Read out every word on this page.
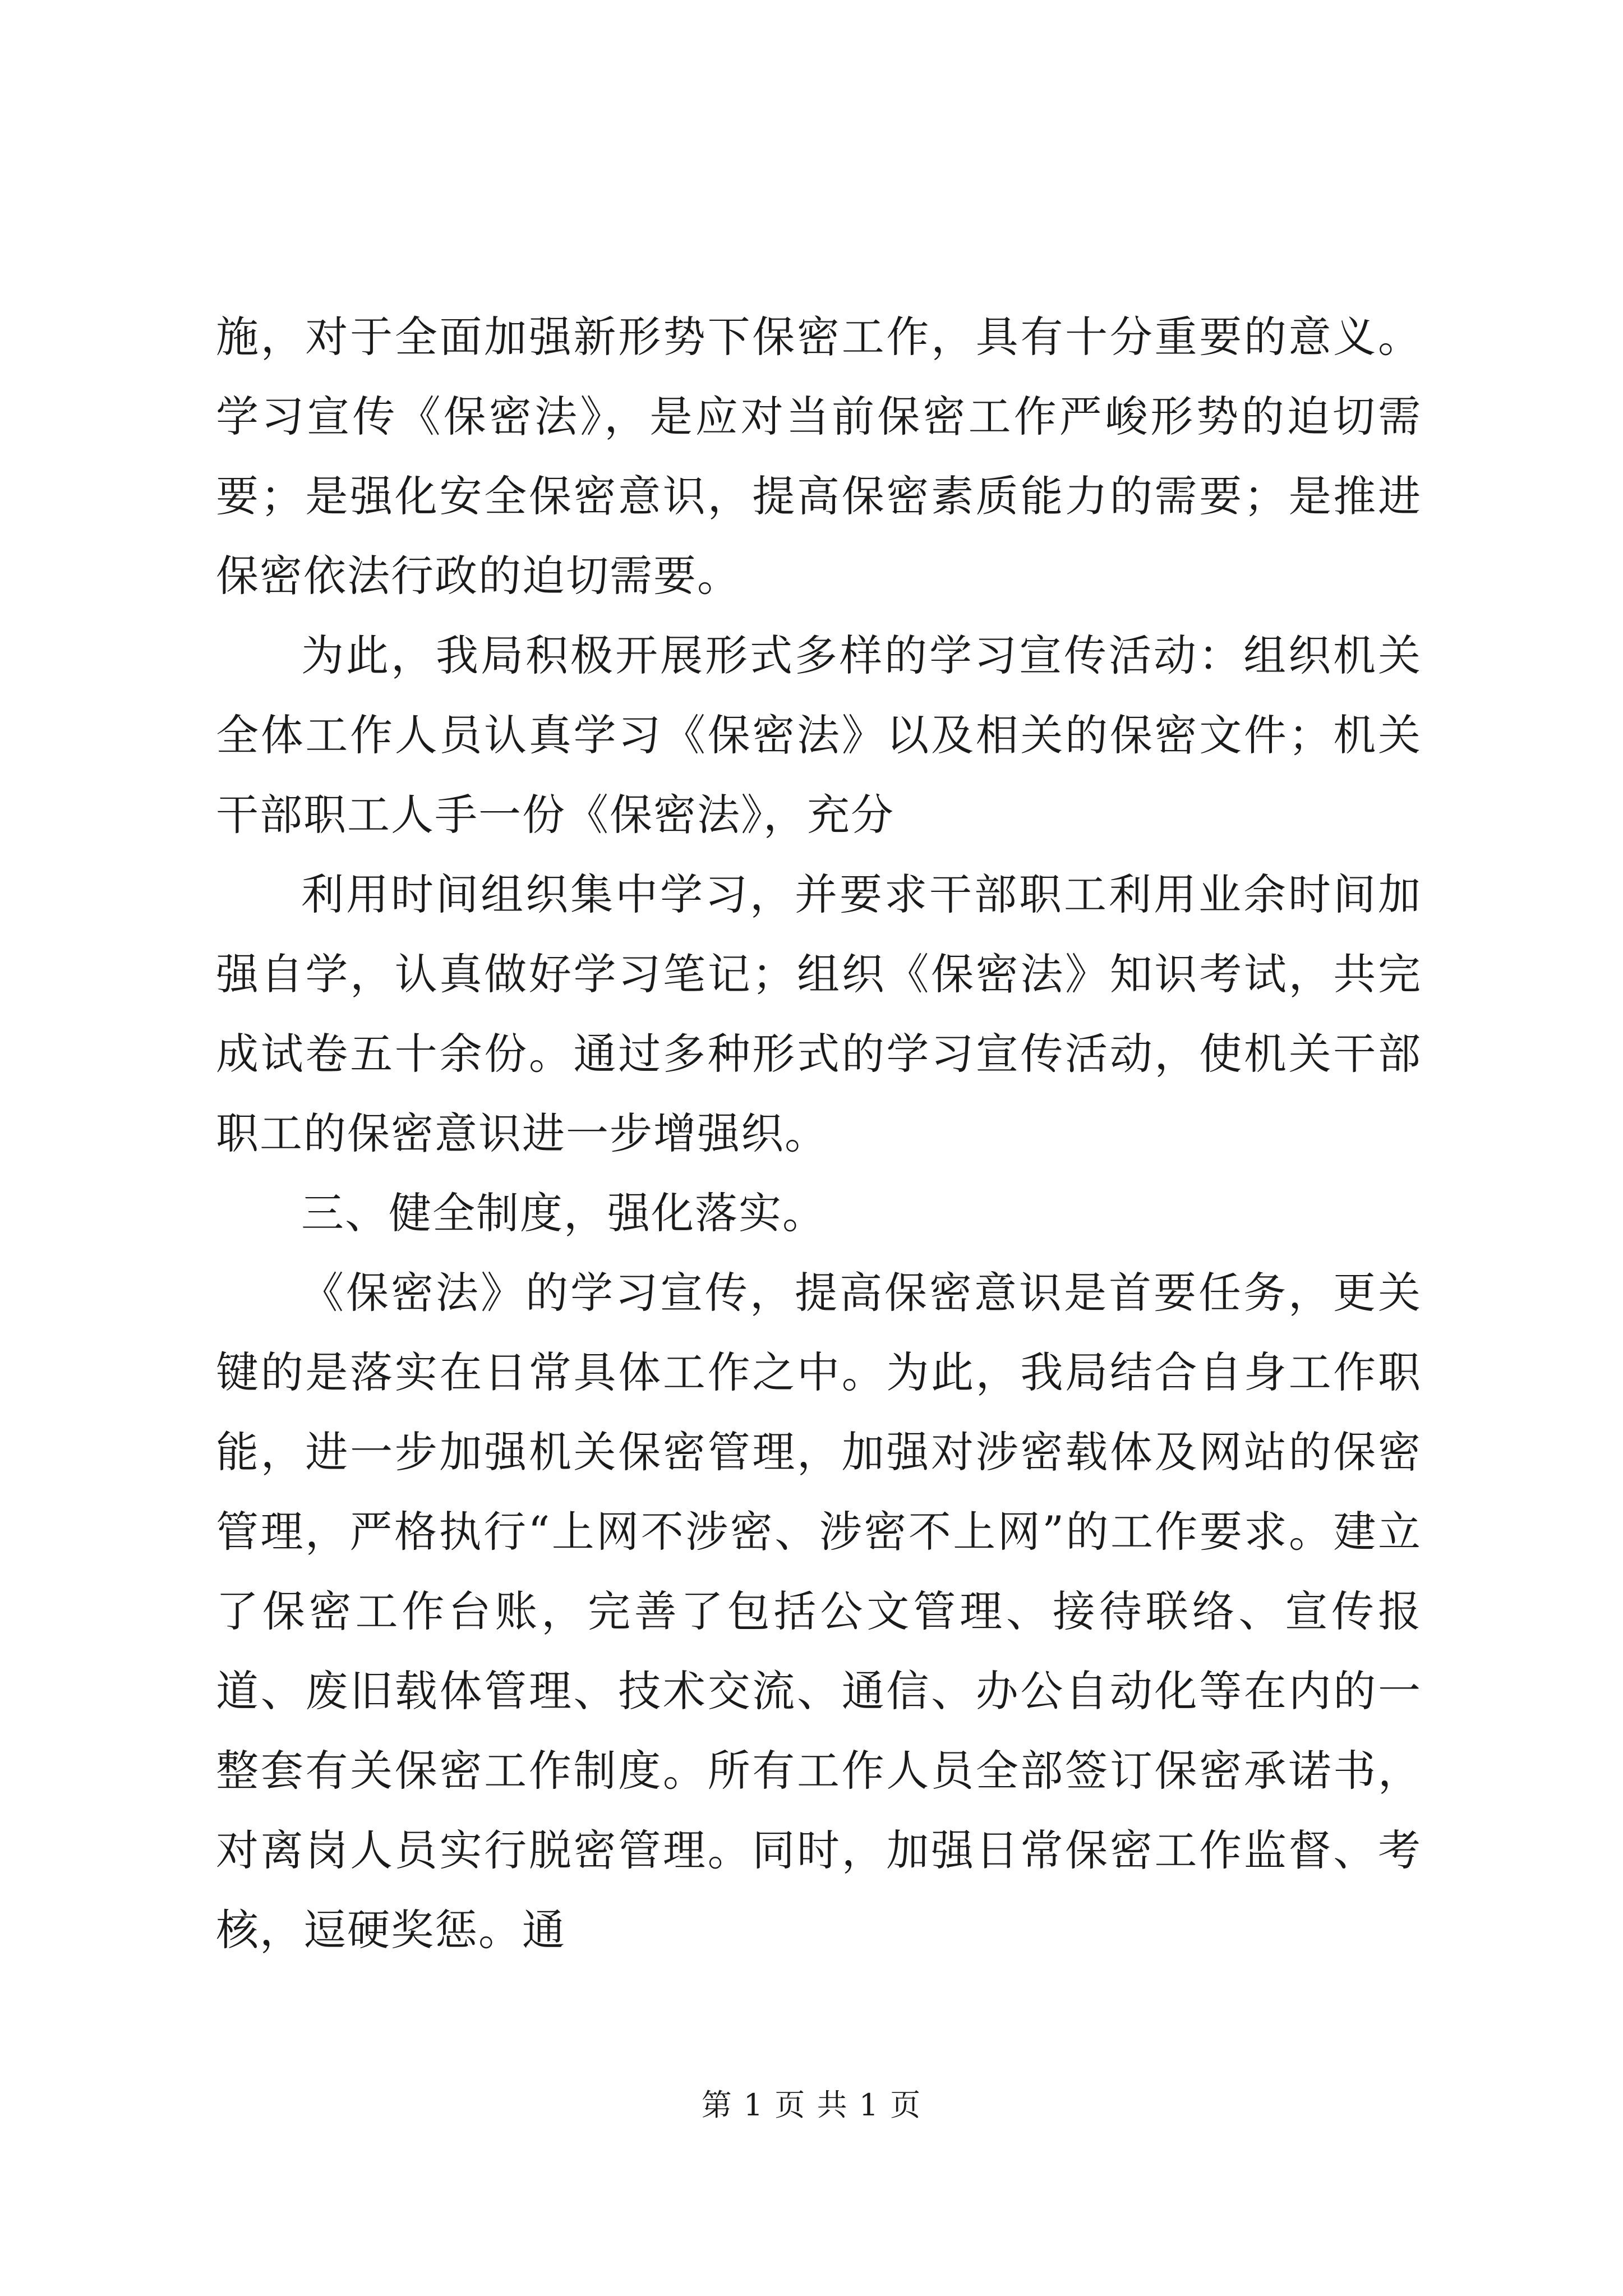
施，对于全面加强新形势下保密工作，具有十分重要的意义。学习宣传《保密法》，是应对当前保密工作严峻形势的迫切需要；是强化安全保密意识，提高保密素质能力的需要；是推进保密依法行政的迫切需要。

为此，我局积极开展形式多样的学习宣传活动：组织机关全体工作人员认真学习《保密法》以及相关的保密文件；机关干部职工人手一份《保密法》，充分

利用时间组织集中学习，并要求干部职工利用业余时间加强自学，认真做好学习笔记；组织《保密法》知识考试，共完成试卷五十余份。通过多种形式的学习宣传活动，使机关干部职工的保密意识进一步增强织。

三、健全制度，强化落实。

《保密法》的学习宣传，提高保密意识是首要任务，更关键的是落实在日常具体工作之中。为此，我局结合自身工作职能，进一步加强机关保密管理，加强对涉密载体及网站的保密管理，严格执行“上网不涉密、涉密不上网”的工作要求。建立了保密工作台账，完善了包括公文管理、接待联络、宣传报道、废旧载体管理、技术交流、通信、办公自动化等在内的一整套有关保密工作制度。所有工作人员全部签订保密承诺书，对离岗人员实行脱密管理。同时，加强日常保密工作监督、考核，逗硬奖惩。通

第 1 页 共 1 页
